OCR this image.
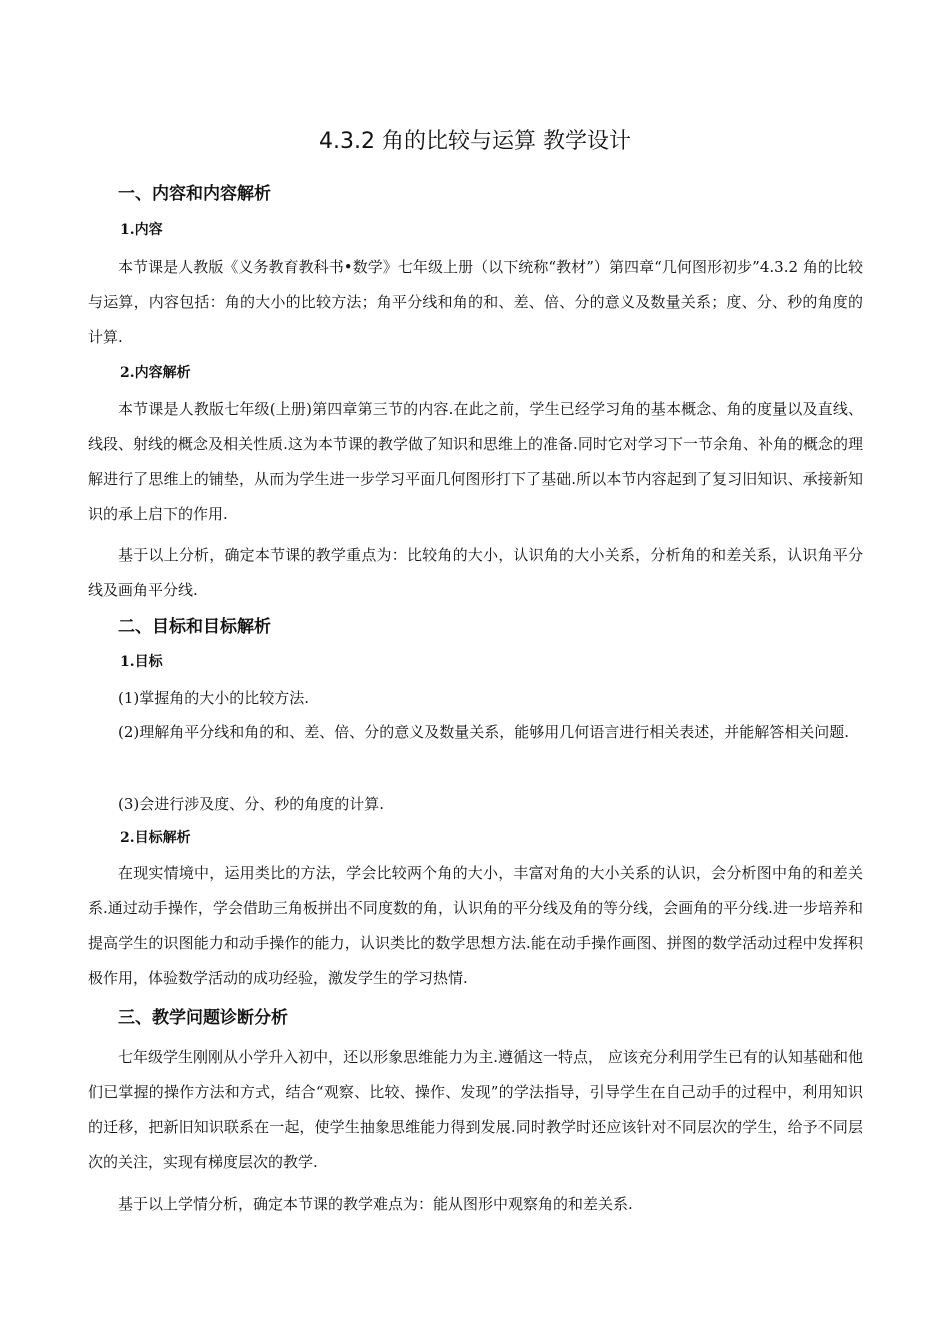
4.3.2 角的比较与运算 教学设计
一、内容和内容解析
1.内容

本节课是人教版《义务教育教科书•数学》七年级上册（以下统称“教材”）第四章“几何图形初步”4.3.2 角的比较与运算，内容包括：角的大小的比较方法；角平分线和角的和、差、倍、分的意义及数量关系；度、分、秒的角度的计算.

2.内容解析

本节课是人教版七年级(上册)第四章第三节的内容.在此之前，学生已经学习角的基本概念、角的度量以及直线、线段、射线的概念及相关性质.这为本节课的教学做了知识和思维上的准备.同时它对学习下一节余角、补角的概念的理解进行了思维上的铺垫，从而为学生进一步学习平面几何图形打下了基础.所以本节内容起到了复习旧知识、承接新知识的承上启下的作用.

基于以上分析，确定本节课的教学重点为：比较角的大小，认识角的大小关系，分析角的和差关系，认识角平分线及画角平分线.

二、目标和目标解析
1.目标

(1)掌握角的大小的比较方法.

(2)理解角平分线和角的和、差、倍、分的意义及数量关系，能够用几何语言进行相关表述，并能解答相关问题.

(3)会进行涉及度、分、秒的角度的计算.

2.目标解析

在现实情境中，运用类比的方法，学会比较两个角的大小，丰富对角的大小关系的认识，会分析图中角的和差关系.通过动手操作，学会借助三角板拼出不同度数的角，认识角的平分线及角的等分线，会画角的平分线.进一步培养和提高学生的识图能力和动手操作的能力，认识类比的数学思想方法.能在动手操作画图、拼图的数学活动过程中发挥积极作用，体验数学活动的成功经验，激发学生的学习热情.

三、教学问题诊断分析

七年级学生刚刚从小学升入初中，还以形象思维能力为主.遵循这一特点， 应该充分利用学生已有的认知基础和他们已掌握的操作方法和方式，结合“观察、比较、操作、发现”的学法指导，引导学生在自己动手的过程中，利用知识的迁移，把新旧知识联系在一起，使学生抽象思维能力得到发展.同时教学时还应该针对不同层次的学生，给予不同层次的关注，实现有梯度层次的教学.

基于以上学情分析，确定本节课的教学难点为：能从图形中观察角的和差关系.
